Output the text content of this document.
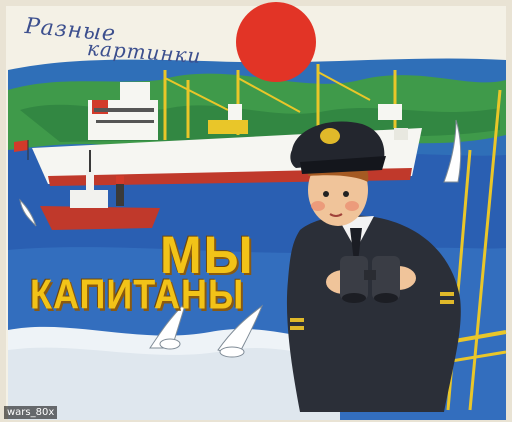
Разные
картинки
МЫ
КАПИТАНЫ
wars_80x
